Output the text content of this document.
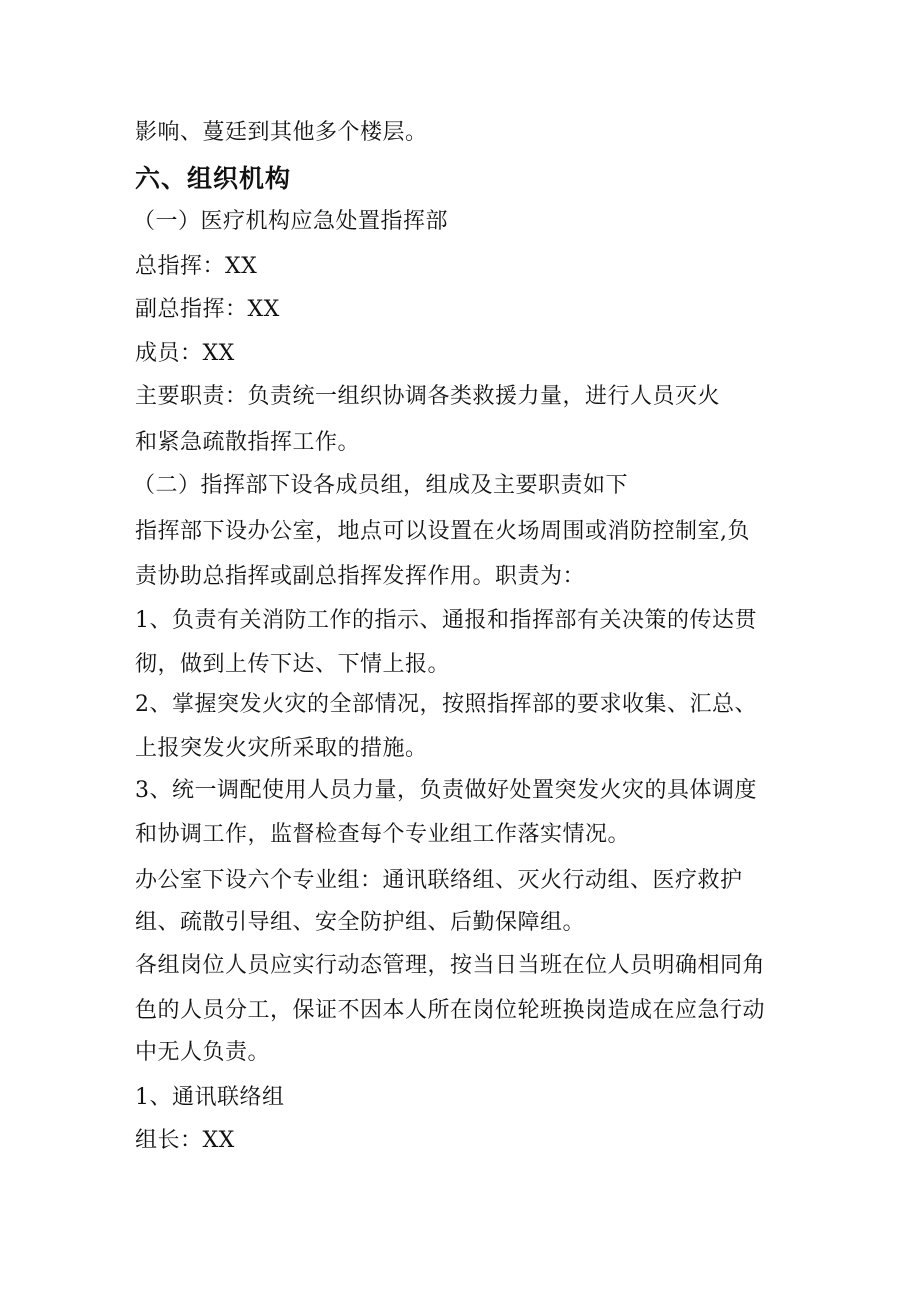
影响、蔓廷到其他多个楼层。
六、组织机构
（一）医疗机构应急处置指挥部
总指挥：XX
副总指挥：XX
成员：XX
主要职责：负责统一组织协调各类救援力量，进行人员灭火
和紧急疏散指挥工作。
（二）指挥部下设各成员组，组成及主要职责如下
指挥部下设办公室，地点可以设置在火场周围或消防控制室,负
责协助总指挥或副总指挥发挥作用。职责为：
1、负责有关消防工作的指示、通报和指挥部有关决策的传达贯
彻，做到上传下达、下情上报。
2、掌握突发火灾的全部情况，按照指挥部的要求收集、汇总、
上报突发火灾所采取的措施。
3、统一调配使用人员力量，负责做好处置突发火灾的具体调度
和协调工作，监督检查每个专业组工作落实情况。
办公室下设六个专业组：通讯联络组、灭火行动组、医疗救护
组、疏散引导组、安全防护组、后勤保障组。
各组岗位人员应实行动态管理，按当日当班在位人员明确相同角
色的人员分工，保证不因本人所在岗位轮班换岗造成在应急行动
中无人负责。
1、通讯联络组
组长：XX
